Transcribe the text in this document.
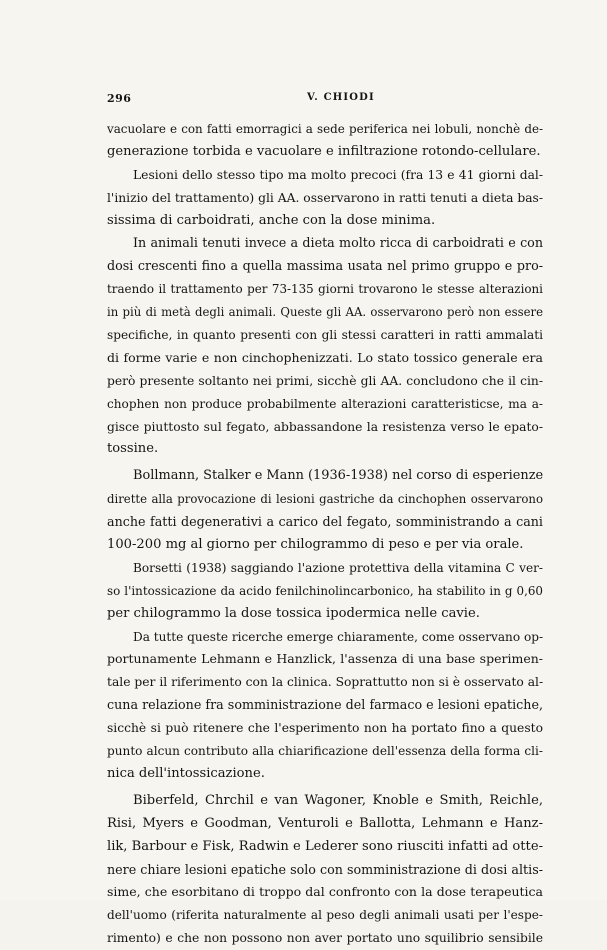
296	V. CHIODI
vacuolare e con fatti emorragici a sede periferica nei lobuli, nonchè de-
generazione torbida e vacuolare e infiltrazione rotondo-cellulare.
Lesioni dello stesso tipo ma molto precoci (fra 13 e 41 giorni dal-
l'inizio del trattamento) gli AA. osservarono in ratti tenuti a dieta bas-
sissima di carboidrati, anche con la dose minima.
In animali tenuti invece a dieta molto ricca di carboidrati e con
dosi crescenti fino a quella massima usata nel primo gruppo e pro-
traendo il trattamento per 73-135 giorni trovarono le stesse alterazioni
in più di metà degli animali. Queste gli AA. osservarono però non essere
specifiche, in quanto presenti con gli stessi caratteri in ratti ammalati
di forme varie e non cinchophenizzati. Lo stato tossico generale era
però presente soltanto nei primi, sicchè gli AA. concludono che il cin-
chophen non produce probabilmente alterazioni caratteristicse, ma a-
gisce piuttosto sul fegato, abbassandone la resistenza verso le epato-
tossine.
Bollmann, Stalker e Mann (1936-1938) nel corso di esperienze
dirette alla provocazione di lesioni gastriche da cinchophen osservarono
anche fatti degenerativi a carico del fegato, somministrando a cani
100-200 mg al giorno per chilogrammo di peso e per via orale.
Borsetti (1938) saggiando l'azione protettiva della vitamina C ver-
so l'intossicazione da acido fenilchinolincarbonico, ha stabilito in g 0,60
per chilogrammo la dose tossica ipodermica nelle cavie.
Da tutte queste ricerche emerge chiaramente, come osservano op-
portunamente Lehmann e Hanzlick, l'assenza di una base sperimen-
tale per il riferimento con la clinica. Soprattutto non si è osservato al-
cuna relazione fra somministrazione del farmaco e lesioni epatiche,
sicchè si può ritenere che l'esperimento non ha portato fino a questo
punto alcun contributo alla chiarificazione dell'essenza della forma cli-
nica dell'intossicazione.
Biberfeld, Chrchil e van Wagoner, Knoble e Smith, Reichle,
Risi, Myers e Goodman, Venturoli e Ballotta, Lehmann e Hanz-
lik, Barbour e Fisk, Radwin e Lederer sono riusciti infatti ad otte-
nere chiare lesioni epatiche solo con somministrazione di dosi altis-
sime, che esorbitano di troppo dal confronto con la dose terapeutica
dell'uomo (riferita naturalmente al peso degli animali usati per l'espe-
rimento) e che non possono non aver portato uno squilibrio sensibile
